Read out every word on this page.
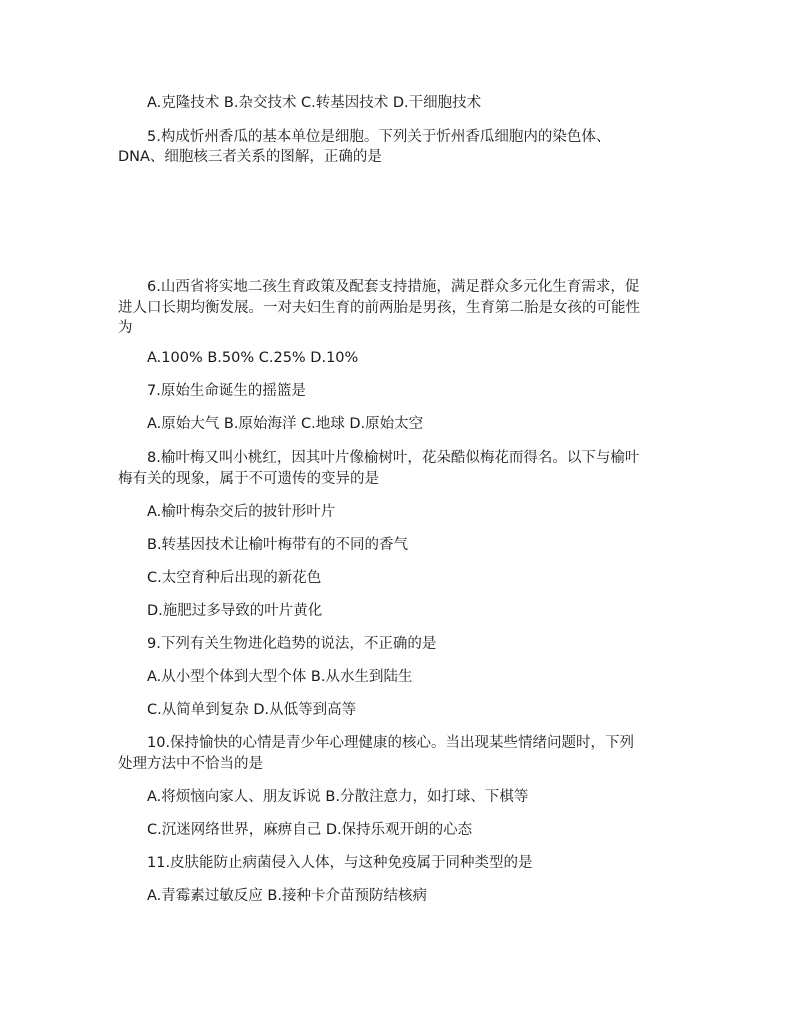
A.克隆技术 B.杂交技术 C.转基因技术 D.干细胞技术
5.构成忻州香瓜的基本单位是细胞。下列关于忻州香瓜细胞内的染色体、
DNA、细胞核三者关系的图解，正确的是
6.山西省将实地二孩生育政策及配套支持措施，满足群众多元化生育需求，促
进人口长期均衡发展。一对夫妇生育的前两胎是男孩，生育第二胎是女孩的可能性
为
A.100% B.50% C.25% D.10%
7.原始生命诞生的摇篮是
A.原始大气 B.原始海洋 C.地球 D.原始太空
8.榆叶梅又叫小桃红，因其叶片像榆树叶，花朵酷似梅花而得名。以下与榆叶
梅有关的现象，属于不可遗传的变异的是
A.榆叶梅杂交后的披针形叶片
B.转基因技术让榆叶梅带有的不同的香气
C.太空育种后出现的新花色
D.施肥过多导致的叶片黄化
9.下列有关生物进化趋势的说法，不正确的是
A.从小型个体到大型个体 B.从水生到陆生
C.从简单到复杂 D.从低等到高等
10.保持愉快的心情是青少年心理健康的核心。当出现某些情绪问题时，下列
处理方法中不恰当的是
A.将烦恼向家人、朋友诉说 B.分散注意力，如打球、下棋等
C.沉迷网络世界，麻痹自己 D.保持乐观开朗的心态
11.皮肤能防止病菌侵入人体，与这种免疫属于同种类型的是
A.青霉素过敏反应 B.接种卡介苗预防结核病
